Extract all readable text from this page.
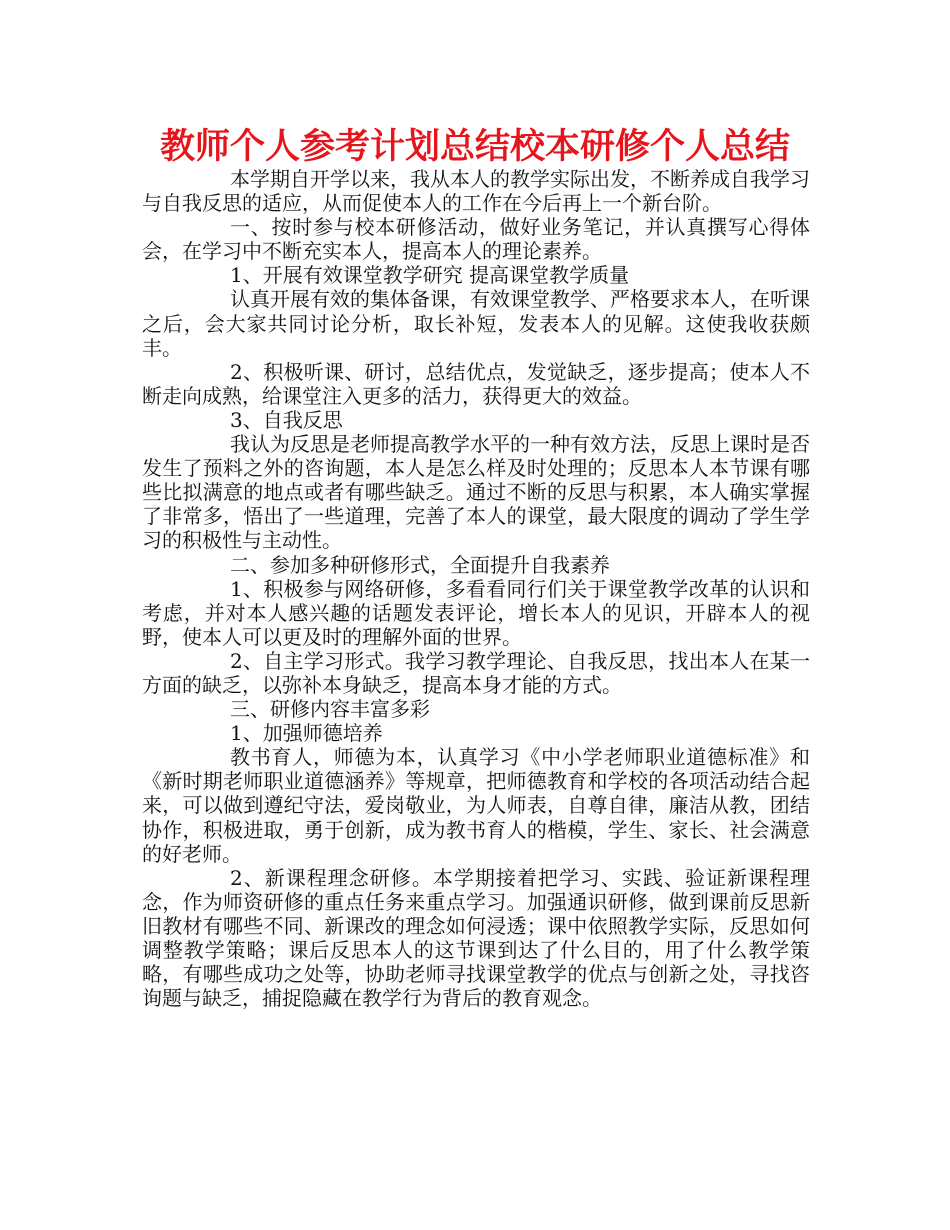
教师个人参考计划总结校本研修个人总结

本学期自开学以来，我从本人的教学实际出发，不断养成自我学习与自我反思的适应，从而促使本人的工作在今后再上一个新台阶。

一、按时参与校本研修活动，做好业务笔记，并认真撰写心得体会，在学习中不断充实本人，提高本人的理论素养。

1、开展有效课堂教学研究 提高课堂教学质量

认真开展有效的集体备课，有效课堂教学、严格要求本人，在听课之后，会大家共同讨论分析，取长补短，发表本人的见解。这使我收获颇丰。

2、积极听课、研讨，总结优点，发觉缺乏，逐步提高；使本人不断走向成熟，给课堂注入更多的活力，获得更大的效益。

3、自我反思

我认为反思是老师提高教学水平的一种有效方法，反思上课时是否发生了预料之外的咨询题，本人是怎么样及时处理的；反思本人本节课有哪些比拟满意的地点或者有哪些缺乏。通过不断的反思与积累，本人确实掌握了非常多，悟出了一些道理，完善了本人的课堂，最大限度的调动了学生学习的积极性与主动性。

二、参加多种研修形式，全面提升自我素养

1、积极参与网络研修，多看看同行们关于课堂教学改革的认识和考虑，并对本人感兴趣的话题发表评论，增长本人的见识，开辟本人的视野，使本人可以更及时的理解外面的世界。

2、自主学习形式。我学习教学理论、自我反思，找出本人在某一方面的缺乏，以弥补本身缺乏，提高本身才能的方式。

三、研修内容丰富多彩

1、加强师德培养

教书育人，师德为本，认真学习《中小学老师职业道德标准》和《新时期老师职业道德涵养》等规章，把师德教育和学校的各项活动结合起来，可以做到遵纪守法，爱岗敬业，为人师表，自尊自律，廉洁从教，团结协作，积极进取，勇于创新，成为教书育人的楷模，学生、家长、社会满意的好老师。

2、新课程理念研修。本学期接着把学习、实践、验证新课程理念，作为师资研修的重点任务来重点学习。加强通识研修，做到课前反思新旧教材有哪些不同、新课改的理念如何浸透；课中依照教学实际，反思如何调整教学策略；课后反思本人的这节课到达了什么目的，用了什么教学策略，有哪些成功之处等，协助老师寻找课堂教学的优点与创新之处，寻找咨询题与缺乏，捕捉隐藏在教学行为背后的教育观念。
